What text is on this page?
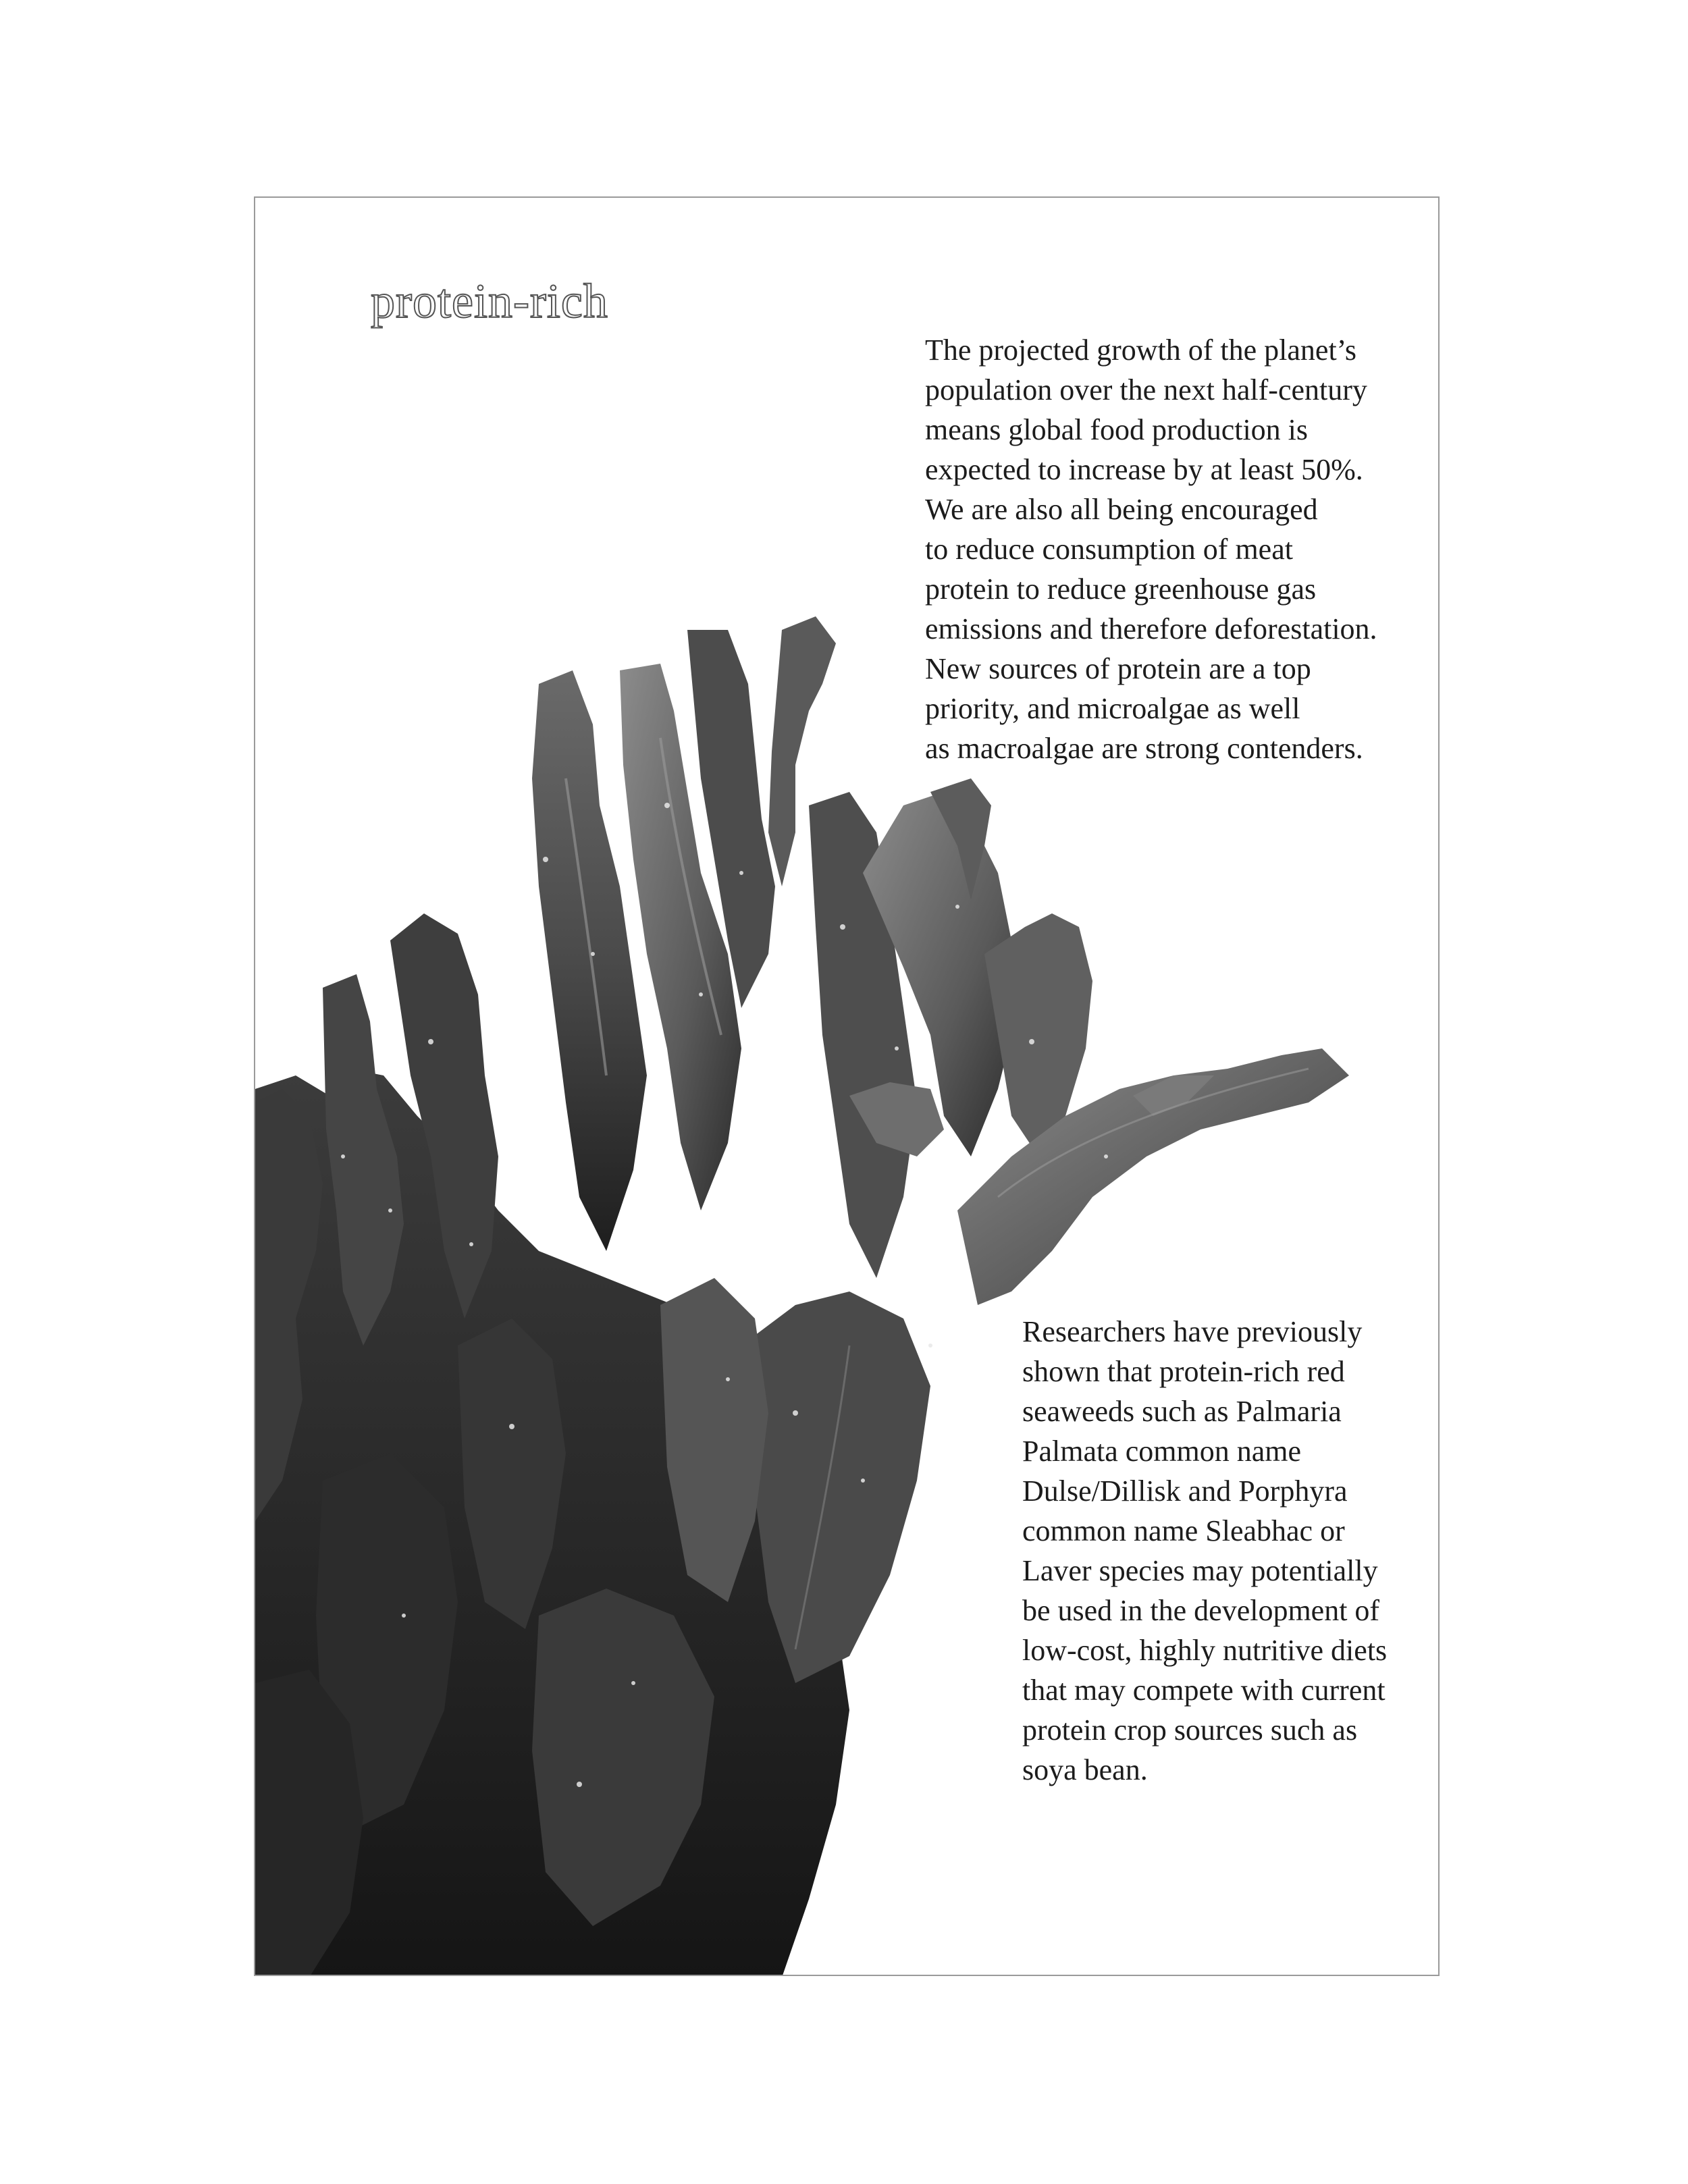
protein-rich

The projected growth of the planet’s
population over the next half-century
means global food production is
expected to increase by at least 50%.
We are also all being encouraged
to reduce consumption of meat
protein to reduce greenhouse gas
emissions and therefore deforestation.
New sources of protein are a top
priority, and microalgae as well
as macroalgae are strong contenders.

Researchers have previously
shown that protein-rich red
seaweeds such as Palmaria
Palmata common name
Dulse/Dillisk and Porphyra
common name Sleabhac or
Laver species may potentially
be used in the development of
low-cost, highly nutritive diets
that may compete with current
protein crop sources such as
soya bean.
